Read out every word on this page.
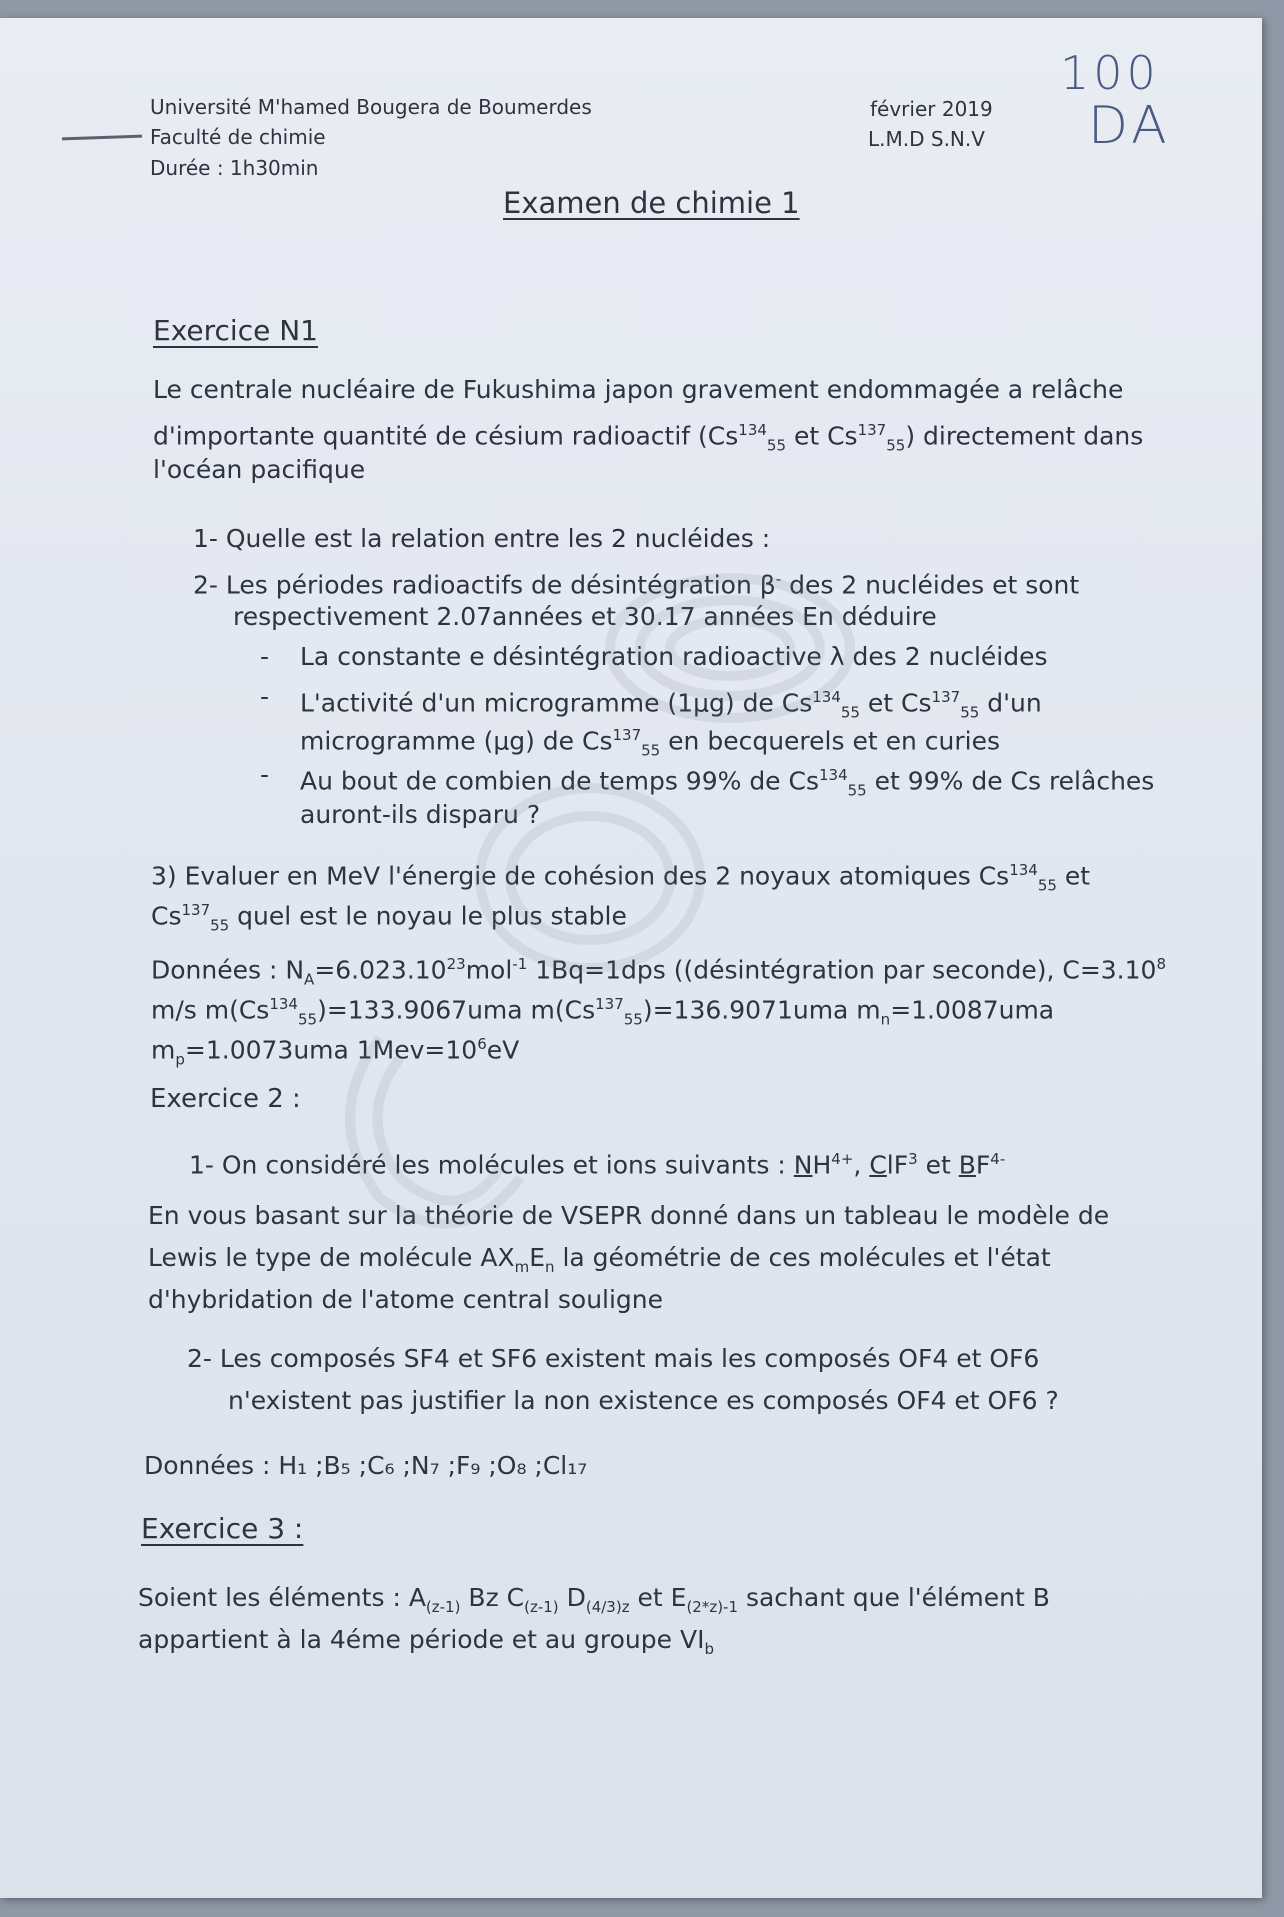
Université M'hamed Bougera de Boumerdes
Faculté de chimie
Durée : 1h30min
février 2019
L.M.D S.N.V
100
DA
Examen de chimie 1
Exercice N1
Le centrale nucléaire de Fukushima japon gravement endommagée a relâche
d'importante quantité de césium radioactif ($Cs^{134}_{55}$ et $Cs^{137}_{55}$) directement dans
l'océan pacifique
1- Quelle est la relation entre les 2 nucléides :
2- Les périodes radioactifs de désintégration β- des 2 nucléides et sont
respectivement 2.07années et 30.17 années En déduire
- La constante e désintégration radioactive λ des 2 nucléides
- L'activité d'un microgramme (1μg) de $Cs^{134}_{55}$ et $Cs^{137}_{55}$ d'un
microgramme (μg) de $Cs^{137}_{55}$ en becquerels et en curies
- Au bout de combien de temps 99% de $Cs^{134}_{55}$ et 99% de Cs relâches
auront-ils disparu ?
3) Evaluer en MeV l'énergie de cohésion des 2 noyaux atomiques $Cs^{134}_{55}$ et
$Cs^{137}_{55}$ quel est le noyau le plus stable
Données : $N_A=6.023.10^{23}mol^{-1}$ 1Bq=1dps ((désintégration par seconde), $C=3.10^8$
m/s $m(Cs^{134}_{55})=133.9067uma$ $m(Cs^{137}_{55})=136.9071uma$ $m_n=1.0087uma$
$m_p=1.0073uma$ $1Mev=10^6eV$
Exercice 2 :
1- On considéré les molécules et ions suivants : $NH^{4+}$, ClF$^3$ et $BF^{4-}$
En vous basant sur la théorie de VSEPR donné dans un tableau le modèle de
Lewis le type de molécule $AX_mE_n$ la géométrie de ces molécules et l'état
d'hybridation de l'atome central souligne
2- Les composés SF4 et SF6 existent mais les composés OF4 et OF6
n'existent pas justifier la non existence es composés OF4 et OF6 ?
Données : H₁ ;B₅ ;C₆ ;N₇ ;F₉ ;O₈ ;Cl₁₇
Exercice 3 :
Soient les éléments : $A_{(z-1)}$ Bz $C_{(z-1)}$ $D_{(4/3)z}$ et $E_{(2*z)-1}$ sachant que l'élément B
appartient à la 4éme période et au groupe $VI_b$
